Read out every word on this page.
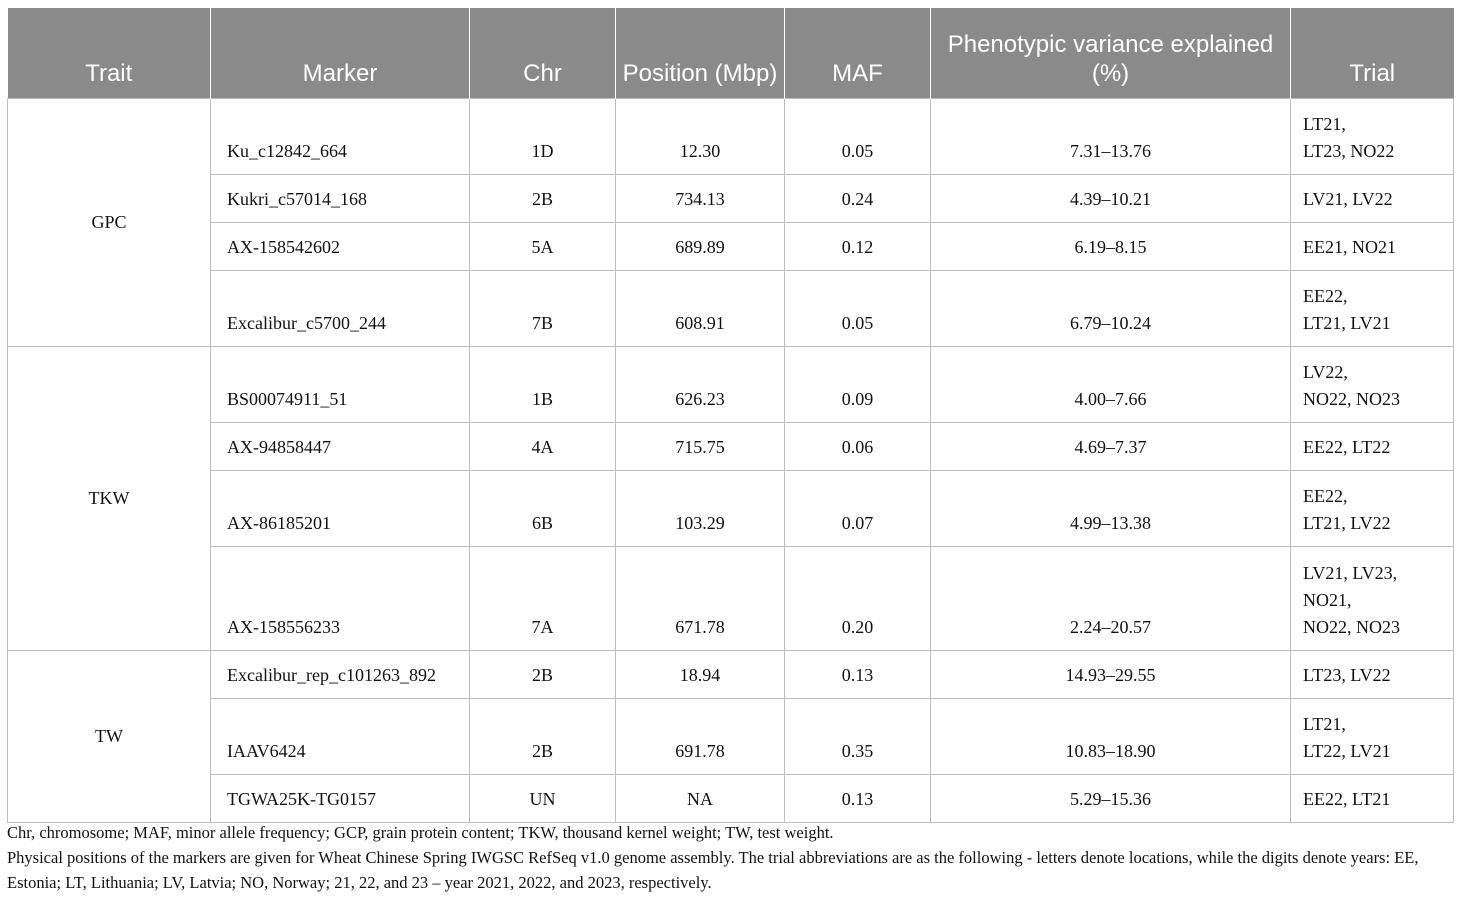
Trait	Marker	Chr	Position (Mbp)	MAF	Phenotypic variance explained (%)	Trial
GPC	Ku_c12842_664	1D	12.30	0.05	7.31–13.76	LT21,
LT23, NO22
	Kukri_c57014_168	2B	734.13	0.24	4.39–10.21	LV21, LV22
	AX-158542602	5A	689.89	0.12	6.19–8.15	EE21, NO21
	Excalibur_c5700_244	7B	608.91	0.05	6.79–10.24	EE22,
LT21, LV21
TKW	BS00074911_51	1B	626.23	0.09	4.00–7.66	LV22,
NO22, NO23
	AX-94858447	4A	715.75	0.06	4.69–7.37	EE22, LT22
	AX-86185201	6B	103.29	0.07	4.99–13.38	EE22,
LT21, LV22
	AX-158556233	7A	671.78	0.20	2.24–20.57	LV21, LV23,
NO21,
NO22, NO23
TW	Excalibur_rep_c101263_892	2B	18.94	0.13	14.93–29.55	LT23, LV22
	IAAV6424	2B	691.78	0.35	10.83–18.90	LT21,
LT22, LV21
	TGWA25K-TG0157	UN	NA	0.13	5.29–15.36	EE22, LT21

Chr, chromosome; MAF, minor allele frequency; GCP, grain protein content; TKW, thousand kernel weight; TW, test weight.

Physical positions of the markers are given for Wheat Chinese Spring IWGSC RefSeq v1.0 genome assembly. The trial abbreviations are as the following - letters denote locations, while the digits denote years: EE, Estonia; LT, Lithuania; LV, Latvia; NO, Norway; 21, 22, and 23 – year 2021, 2022, and 2023, respectively.
